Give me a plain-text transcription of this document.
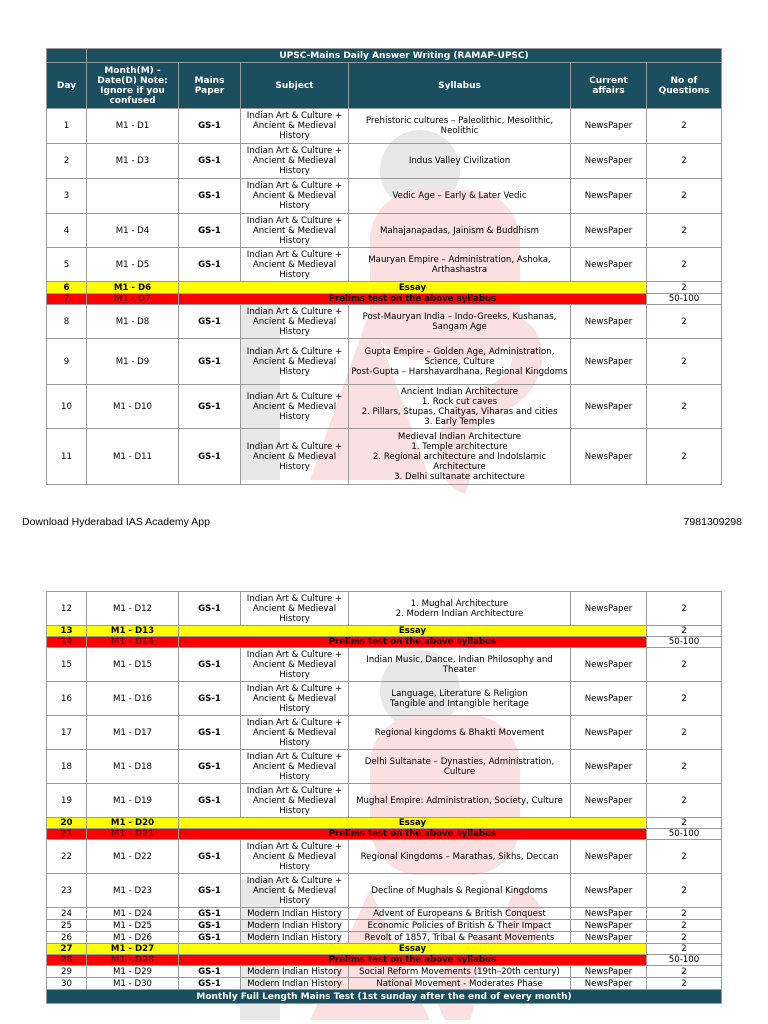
	UPSC-Mains Daily Answer Writing (RAMAP-UPSC)					
Day	Month(M) - Date(D) Note: Ignore if you confused	Mains Paper	Subject	Syllabus	Current affairs	No of Questions
1	M1 - D1	GS-1	Indian Art & Culture + Ancient & Medieval History	Prehistoric cultures – Paleolithic, Mesolithic, Neolithic	NewsPaper	2
2	M1 - D3	GS-1	Indian Art & Culture + Ancient & Medieval History	Indus Valley Civilization	NewsPaper	2
3		GS-1	Indian Art & Culture + Ancient & Medieval History	Vedic Age – Early & Later Vedic	NewsPaper	2
4	M1 - D4	GS-1	Indian Art & Culture + Ancient & Medieval History	Mahajanapadas, Jainism & Buddhism	NewsPaper	2
5	M1 - D5	GS-1	Indian Art & Culture + Ancient & Medieval History	Mauryan Empire – Administration, Ashoka, Arthashastra	NewsPaper	2
6	M1 - D6	Essay				2
7	M1 - D7	Prelims test on the above syllabus				50-100
8	M1 - D8	GS-1	Indian Art & Culture + Ancient & Medieval History	Post-Mauryan India – Indo-Greeks, Kushanas, Sangam Age	NewsPaper	2
9	M1 - D9	GS-1	Indian Art & Culture + Ancient & Medieval History	Gupta Empire – Golden Age, Administration, Science, Culture
Post-Gupta – Harshavardhana, Regional Kingdoms	NewsPaper	2
10	M1 - D10	GS-1	Indian Art & Culture + Ancient & Medieval History	Ancient Indian Architecture
1. Rock cut caves
2. Pillars, Stupas, Chaityas, Viharas and cities
3. Early Temples	NewsPaper	2
11	M1 - D11	GS-1	Indian Art & Culture + Ancient & Medieval History	Medieval Indian Architecture
1. Temple architecture
2. Regional architecture and IndoIslamic Architecture
3. Delhi sultanate architecture	NewsPaper	2
Download Hyderabad IAS Academy App	7981309298
12	M1 - D12	GS-1	Indian Art & Culture + Ancient & Medieval History	1. Mughal Architecture
2. Modern Indian Architecture	NewsPaper	2
13	M1 - D13	Essay				2
14	M1 - D14	Prelims test on the above syllabus				50-100
15	M1 - D15	GS-1	Indian Art & Culture + Ancient & Medieval History	Indian Music, Dance, Indian Philosophy and Theater	NewsPaper	2
16	M1 - D16	GS-1	Indian Art & Culture + Ancient & Medieval History	Language, Literature & Religion
Tangible and Intangible heritage	NewsPaper	2
17	M1 - D17	GS-1	Indian Art & Culture + Ancient & Medieval History	Regional kingdoms & Bhakti Movement	NewsPaper	2
18	M1 - D18	GS-1	Indian Art & Culture + Ancient & Medieval History	Delhi Sultanate – Dynasties, Administration, Culture	NewsPaper	2
19	M1 - D19	GS-1	Indian Art & Culture + Ancient & Medieval History	Mughal Empire: Administration, Society, Culture	NewsPaper	2
20	M1 - D20	Essay				2
21	M1 - D21	Prelims test on the above syllabus				50-100
22	M1 - D22	GS-1	Indian Art & Culture + Ancient & Medieval History	Regional Kingdoms – Marathas, Sikhs, Deccan	NewsPaper	2
23	M1 - D23	GS-1	Indian Art & Culture + Ancient & Medieval History	Decline of Mughals & Regional Kingdoms	NewsPaper	2
24	M1 - D24	GS-1	Modern Indian History	Advent of Europeans & British Conquest	NewsPaper	2
25	M1 - D25	GS-1	Modern Indian History	Economic Policies of British & Their Impact	NewsPaper	2
26	M1 - D26	GS-1	Modern Indian History	Revolt of 1857, Tribal & Peasant Movements	NewsPaper	2
27	M1 - D27	Essay				2
28	M1 - D28	Prelims test on the above syllabus				50-100
29	M1 - D29	GS-1	Modern Indian History	Social Reform Movements (19th–20th century)	NewsPaper	2
30	M1 - D30	GS-1	Modern Indian History	National Movement - Moderates Phase	NewsPaper	2
Monthly Full Length Mains Test (1st sunday after the end of every month)						
